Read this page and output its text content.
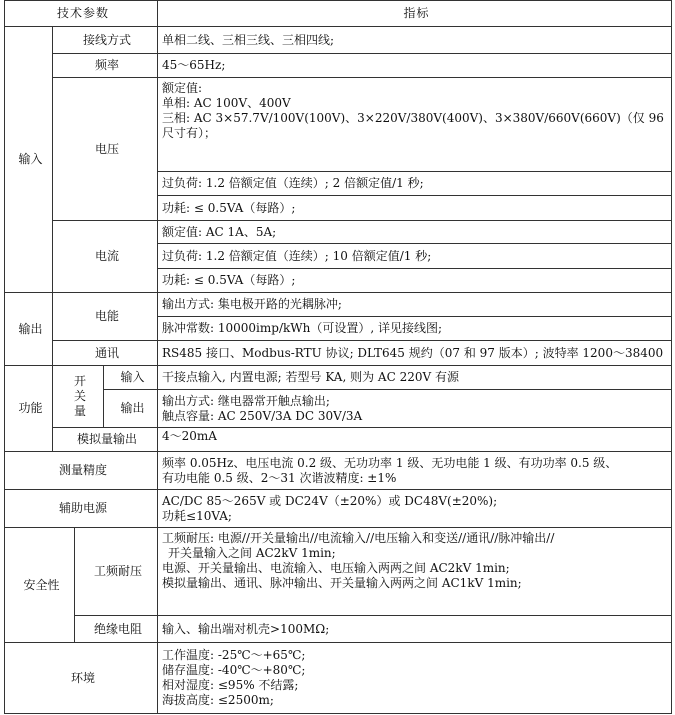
技术参数				指标
输入	接线方式			单相二线、三相三线、三相四线;
	频率			45～65Hz;
	电压			额定值:
单相: AC 100V、400V
三相: AC 3×57.7V/100V(100V)、3×220V/380V(400V)、3×380V/660V(660V)（仅 96
尺寸有）；

				过负荷: 1.2 倍额定值（连续）; 2 倍额定值/1 秒;
				功耗: ≤ 0.5VA（每路）;
	电流			额定值: AC 1A、5A;
				过负荷: 1.2 倍额定值（连续）; 10 倍额定值/1 秒;
				功耗: ≤ 0.5VA（每路）;
输出	电能			输出方式: 集电极开路的光耦脉冲;
				脉冲常数: 10000imp/kWh（可设置）, 详见接线图;
	通讯			RS485 接口、Modbus-RTU 协议; DLT645 规约（07 和 97 版本）; 波特率 1200～38400
功能	开
关
量		输入	干接点输入, 内置电源; 若型号 KA, 则为 AC 220V 有源
			输出	输出方式: 继电器常开触点输出;
触点容量: AC 250V/3A DC 30V/3A

	模拟量输出			4～20mA
测量精度				频率 0.05Hz、电压电流 0.2 级、无功功率 1 级、无功电能 1 级、有功功率 0.5 级、
有功电能 0.5 级、2～31 次谐波精度: ±1%

辅助电源				AC/DC 85～265V 或 DC24V（±20%）或 DC48V(±20%);
功耗≤10VA;

安全性		工频耐压		工频耐压: 电源//开关量输出//电流输入//电压输入和变送//通讯//脉冲输出//
开关量输入之间 AC2kV 1min;
电源、开关量输出、电流输入、电压输入两两之间 AC2kV 1min;
模拟量输出、通讯、脉冲输出、开关量输入两两之间 AC1kV 1min;

		绝缘电阻		输入、输出端对机壳>100MΩ;
环境				工作温度: -25℃～+65℃;
储存温度: -40℃～+80℃;
相对湿度: ≤95% 不结露;
海拔高度: ≤2500m;
